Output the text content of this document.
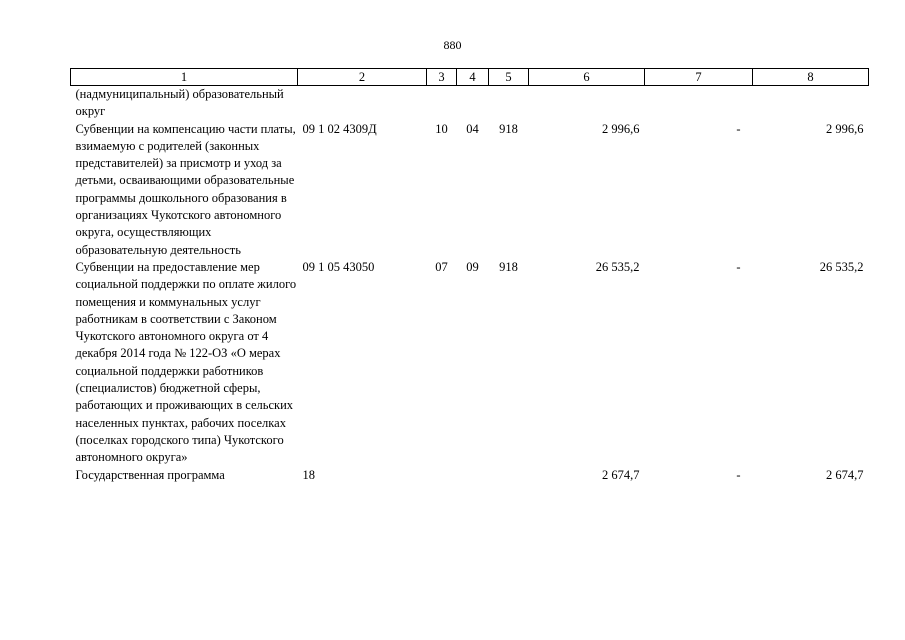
880
1	2	3	4	5	6	7	8
(надмуниципальный) образовательный округ							
Субвенции на компенсацию части платы, взимаемую с родителей (законных представителей) за присмотр и уход за детьми, осваивающими образовательные программы дошкольного образования в организациях Чукотского автономного округа, осуществляющих образовательную деятельность	09 1 02 4309Д	10	04	918	2 996,6	-	2 996,6
Субвенции на предоставление мер социальной поддержки по оплате жилого помещения и коммунальных услуг работникам в соответствии с Законом Чукотского автономного округа от 4 декабря 2014 года № 122-ОЗ «О мерах социальной поддержки работников (специалистов) бюджетной сферы, работающих и проживающих в сельских населенных пунктах, рабочих поселках (поселках городского типа) Чукотского автономного округа»	09 1 05 43050	07	09	918	26 535,2	-	26 535,2
Государственная программа	18				2 674,7	-	2 674,7
